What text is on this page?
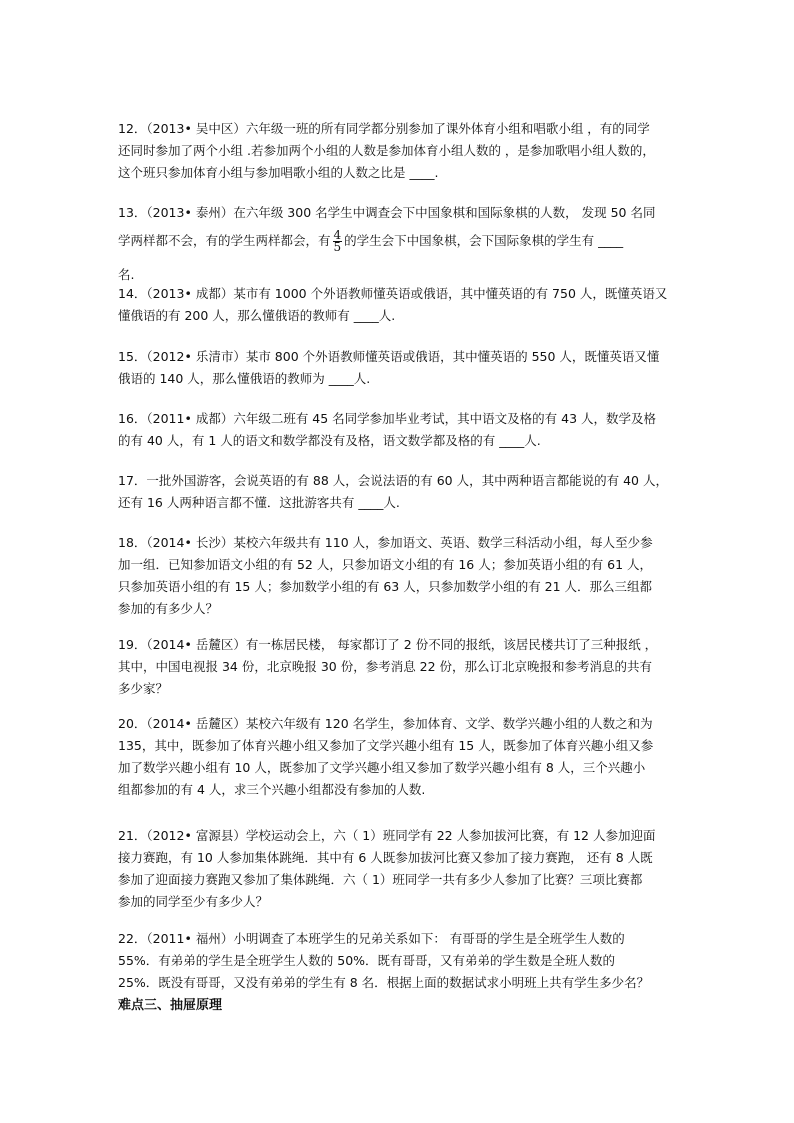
12．（2013• 吴中区）六年级一班的所有同学都分别参加了课外体育小组和唱歌小组 ，有的同学
还同时参加了两个小组 .若参加两个小组的人数是参加体育小组人数的 ，是参加歌唱小组人数的，
这个班只参加体育小组与参加唱歌小组的人数之比是 ____.
13．（2013• 泰州）在六年级 300 名学生中调查会下中国象棋和国际象棋的人数， 发现 50 名同
学两样都不会，有的学生两样都会，有 $\frac{4}{5}$ 的学生会下中国象棋，会下国际象棋的学生有 ____
名.
14．（2013• 成都）某市有 1000 个外语教师懂英语或俄语，其中懂英语的有 750 人，既懂英语又
懂俄语的有 200 人，那么懂俄语的教师有 ____人.
15．（2012• 乐清市）某市 800 个外语教师懂英语或俄语，其中懂英语的 550 人，既懂英语又懂
俄语的 140 人，那么懂俄语的教师为 ____人.
16．（2011• 成都）六年级二班有 45 名同学参加毕业考试，其中语文及格的有 43 人，数学及格
的有 40 人，有 1 人的语文和数学都没有及格，语文数学都及格的有 ____人.
17．一批外国游客，会说英语的有 88 人，会说法语的有 60 人，其中两种语言都能说的有 40 人，
还有 16 人两种语言都不懂．这批游客共有 ____人.
18．（2014• 长沙）某校六年级共有 110 人，参加语文、英语、数学三科活动小组，每人至少参
加一组．已知参加语文小组的有 52 人，只参加语文小组的有 16 人；参加英语小组的有 61 人，
只参加英语小组的有 15 人；参加数学小组的有 63 人，只参加数学小组的有 21 人．那么三组都
参加的有多少人？
19．（2014• 岳麓区）有一栋居民楼， 每家都订了 2 份不同的报纸，该居民楼共订了三种报纸 ，
其中，中国电视报 34 份，北京晚报 30 份，参考消息 22 份，那么订北京晚报和参考消息的共有
多少家？
20．（2014• 岳麓区）某校六年级有 120 名学生，参加体育、文学、数学兴趣小组的人数之和为
135，其中，既参加了体育兴趣小组又参加了文学兴趣小组有 15 人，既参加了体育兴趣小组又参
加了数学兴趣小组有 10 人，既参加了文学兴趣小组又参加了数学兴趣小组有 8 人，三个兴趣小
组都参加的有 4 人，求三个兴趣小组都没有参加的人数.
21．（2012• 富源县）学校运动会上，六（ 1）班同学有 22 人参加拔河比赛，有 12 人参加迎面
接力赛跑，有 10 人参加集体跳绳．其中有 6 人既参加拔河比赛又参加了接力赛跑， 还有 8 人既
参加了迎面接力赛跑又参加了集体跳绳．六（ 1）班同学一共有多少人参加了比赛？三项比赛都
参加的同学至少有多少人？
22．（2011• 福州）小明调查了本班学生的兄弟关系如下： 有哥哥的学生是全班学生人数的
55%．有弟弟的学生是全班学生人数的 50%．既有哥哥，又有弟弟的学生数是全班人数的
25%．既没有哥哥，又没有弟弟的学生有 8 名．根据上面的数据试求小明班上共有学生多少名？
难点三、抽屉原理
